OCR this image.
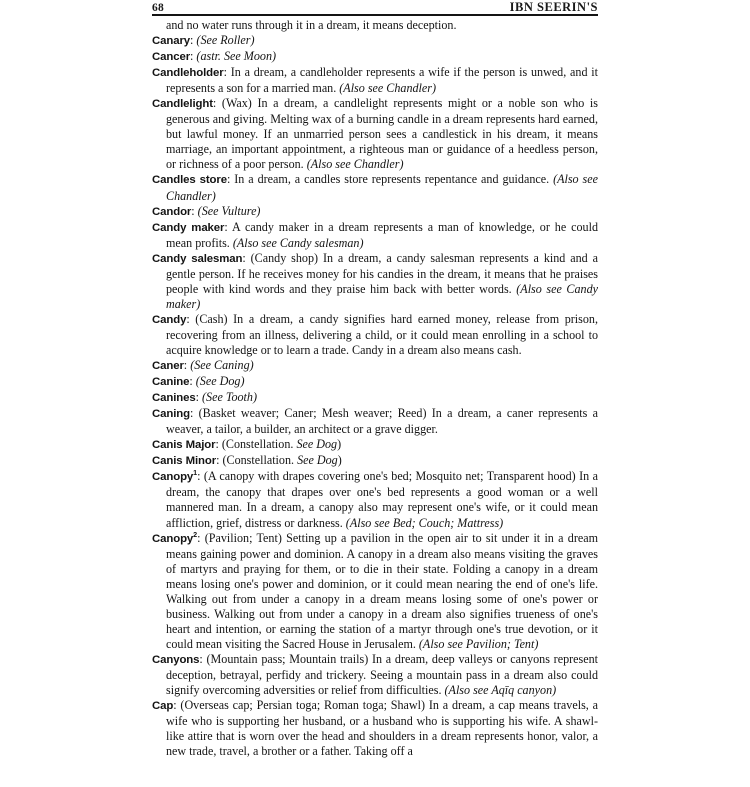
68	IBN SEERIN'S

and no water runs through it in a dream, it means deception.

Canary: (See Roller)

Cancer: (astr. See Moon)

Candleholder: In a dream, a candleholder represents a wife if the person is unwed, and it represents a son for a married man. (Also see Chandler)

Candlelight: (Wax) In a dream, a candlelight represents might or a noble son who is generous and giving. Melting wax of a burning candle in a dream represents hard earned, but lawful money. If an unmarried person sees a candlestick in his dream, it means marriage, an important appointment, a righteous man or guidance of a heedless person, or richness of a poor person. (Also see Chandler)

Candles store: In a dream, a candles store represents repentance and guidance. (Also see Chandler)

Candor: (See Vulture)

Candy maker: A candy maker in a dream represents a man of knowledge, or he could mean profits. (Also see Candy salesman)

Candy salesman: (Candy shop) In a dream, a candy salesman represents a kind and a gentle person. If he receives money for his candies in the dream, it means that he praises people with kind words and they praise him back with better words. (Also see Candy maker)

Candy: (Cash) In a dream, a candy signifies hard earned money, release from prison, recovering from an illness, delivering a child, or it could mean enrolling in a school to acquire knowledge or to learn a trade. Candy in a dream also means cash.

Caner: (See Caning)

Canine: (See Dog)

Canines: (See Tooth)

Caning: (Basket weaver; Caner; Mesh weaver; Reed) In a dream, a caner represents a weaver, a tailor, a builder, an architect or a grave digger.

Canis Major: (Constellation. See Dog)

Canis Minor: (Constellation. See Dog)

Canopy$^1$: (A canopy with drapes covering one's bed; Mosquito net; Transparent hood) In a dream, the canopy that drapes over one's bed represents a good woman or a well mannered man. In a dream, a canopy also may represent one's wife, or it could mean affliction, grief, distress or darkness. (Also see Bed; Couch; Mattress)

Canopy$^2$: (Pavilion; Tent) Setting up a pavilion in the open air to sit under it in a dream means gaining power and dominion. A canopy in a dream also means visiting the graves of martyrs and praying for them, or to die in their state. Folding a canopy in a dream means losing one's power and dominion, or it could mean nearing the end of one's life. Walking out from under a canopy in a dream means losing some of one's power or business. Walking out from under a canopy in a dream also signifies trueness of one's heart and intention, or earning the station of a martyr through one's true devotion, or it could mean visiting the Sacred House in Jerusalem. (Also see Pavilion; Tent)

Canyons: (Mountain pass; Mountain trails) In a dream, deep valleys or canyons represent deception, betrayal, perfidy and trickery. Seeing a mountain pass in a dream also could signify overcoming adversities or relief from difficulties. (Also see Aqīq canyon)

Cap: (Overseas cap; Persian toga; Roman toga; Shawl) In a dream, a cap means travels, a wife who is supporting her husband, or a husband who is supporting his wife. A shawl-like attire that is worn over the head and shoulders in a dream represents honor, valor, a new trade, travel, a brother or a father. Taking off a
